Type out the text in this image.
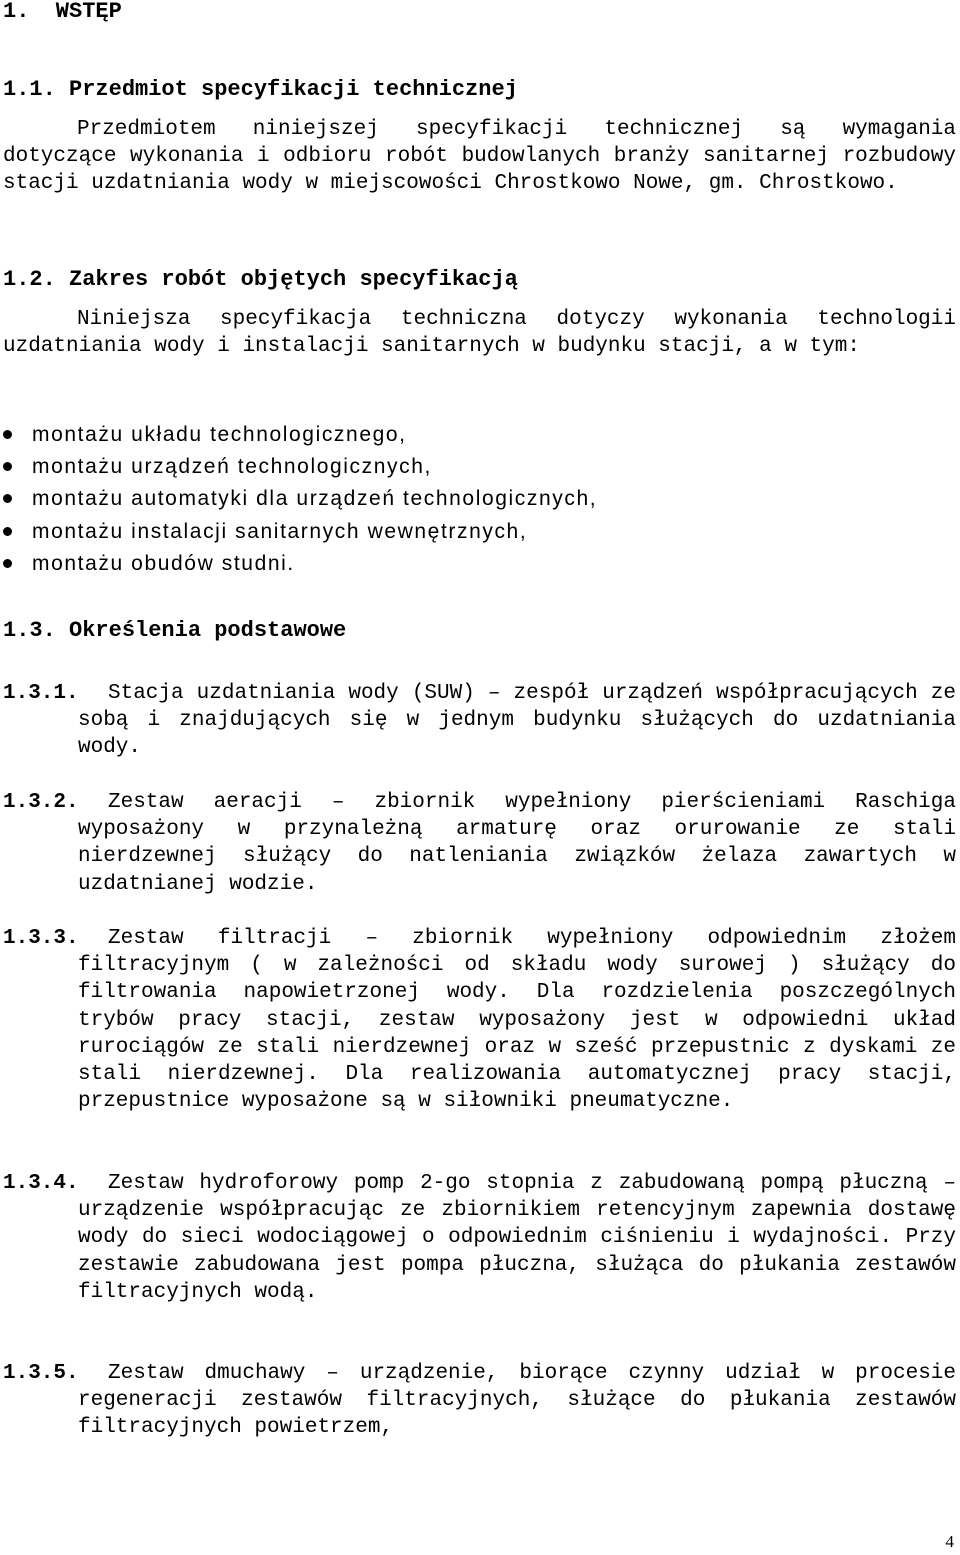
1.  WSTĘP
1.1. Przedmiot specyfikacji technicznej

Przedmiotem niniejszej specyfikacji technicznej są wymagania dotyczące wykonania i odbioru robót budowlanych branży sanitarnej rozbudowy stacji uzdatniania wody w miejscowości Chrostkowo Nowe, gm. Chrostkowo.

1.2. Zakres robót objętych specyfikacją

Niniejsza specyfikacja techniczna dotyczy wykonania technologii uzdatniania wody i instalacji sanitarnych w budynku stacji, a w tym:

montażu układu technologicznego,
montażu urządzeń technologicznych,
montażu automatyki dla urządzeń technologicznych,
montażu instalacji sanitarnych wewnętrznych,
montażu obudów studni.
1.3. Określenia podstawowe
1.3.1.	Stacja uzdatniania wody (SUW) – zespół urządzeń współpracujących ze sobą i znajdujących się w jednym budynku służących do uzdatniania wody.
1.3.2.	Zestaw aeracji – zbiornik wypełniony pierścieniami Raschiga wyposażony w przynależną armaturę oraz orurowanie ze stali nierdzewnej służący do natleniania związków żelaza zawartych w uzdatnianej wodzie.
1.3.3.	Zestaw filtracji – zbiornik wypełniony odpowiednim złożem filtracyjnym ( w zależności od składu wody surowej ) służący do filtrowania napowietrzonej wody. Dla rozdzielenia poszczególnych trybów pracy stacji, zestaw wyposażony jest w odpowiedni układ rurociągów ze stali nierdzewnej oraz w sześć przepustnic z dyskami ze stali nierdzewnej. Dla realizowania automatycznej pracy stacji, przepustnice wyposażone są w siłowniki pneumatyczne.
1.3.4.	Zestaw hydroforowy pomp 2-go stopnia z zabudowaną pompą płuczną – urządzenie współpracując ze zbiornikiem retencyjnym zapewnia dostawę wody do sieci wodociągowej o odpowiednim ciśnieniu i wydajności. Przy zestawie zabudowana jest pompa płuczna, służąca do płukania zestawów filtracyjnych wodą.
1.3.5.	Zestaw dmuchawy – urządzenie, biorące czynny udział w procesie regeneracji zestawów filtracyjnych, służące do płukania zestawów filtracyjnych powietrzem,
4
